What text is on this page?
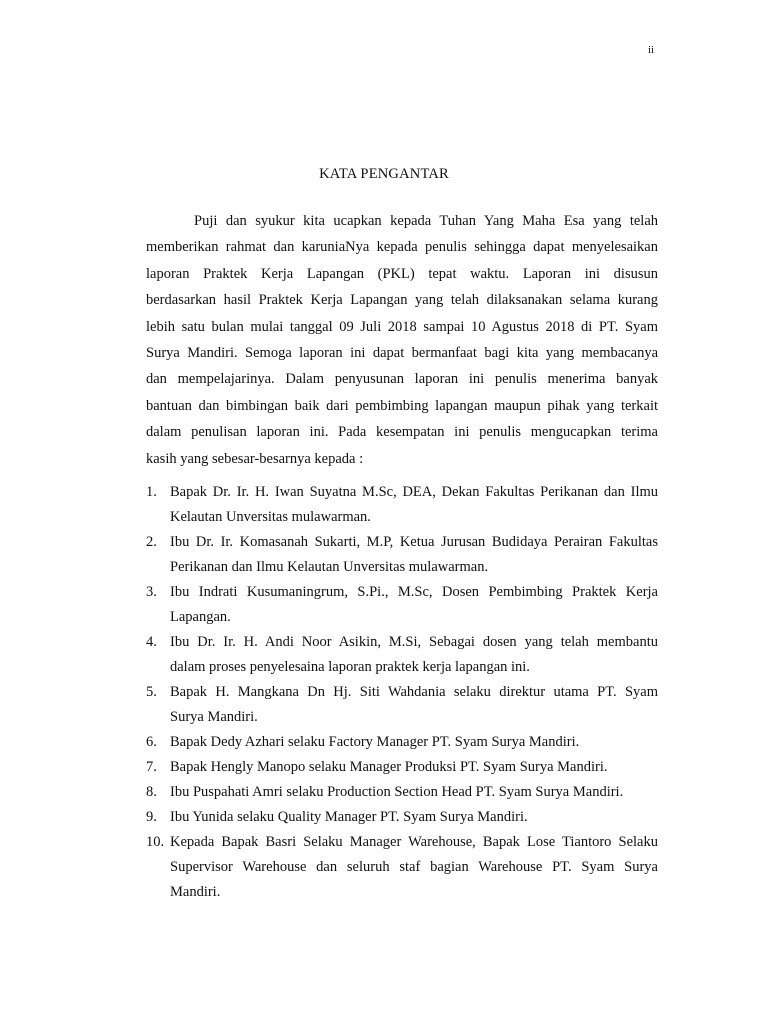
ii
KATA PENGANTAR
Puji dan syukur kita ucapkan kepada Tuhan Yang Maha Esa yang telah
memberikan rahmat dan karuniaNya kepada penulis sehingga dapat menyelesaikan
laporan Praktek Kerja Lapangan (PKL) tepat waktu. Laporan ini disusun
berdasarkan hasil Praktek Kerja Lapangan yang telah dilaksanakan selama kurang
lebih satu bulan mulai tanggal 09 Juli 2018 sampai 10 Agustus 2018 di PT. Syam
Surya Mandiri. Semoga laporan ini dapat bermanfaat bagi kita yang membacanya
dan mempelajarinya. Dalam penyusunan laporan ini penulis menerima banyak
bantuan dan bimbingan baik dari pembimbing lapangan maupun pihak yang terkait
dalam penulisan laporan ini. Pada kesempatan ini penulis mengucapkan terima
kasih yang sebesar-besarnya kepada :
1. Bapak Dr. Ir. H. Iwan Suyatna M.Sc, DEA, Dekan Fakultas Perikanan dan Ilmu
Kelautan Unversitas mulawarman.
2. Ibu Dr. Ir. Komasanah Sukarti, M.P, Ketua Jurusan Budidaya Perairan Fakultas
Perikanan dan Ilmu Kelautan Unversitas mulawarman.
3. Ibu Indrati Kusumaningrum, S.Pi., M.Sc, Dosen Pembimbing Praktek Kerja
Lapangan.
4. Ibu Dr. Ir. H. Andi Noor Asikin, M.Si, Sebagai dosen yang telah membantu
dalam proses penyelesaina laporan praktek kerja lapangan ini.
5. Bapak H. Mangkana Dn Hj. Siti Wahdania selaku direktur utama PT. Syam
Surya Mandiri.
6. Bapak Dedy Azhari selaku Factory Manager PT. Syam Surya Mandiri.
7. Bapak Hengly Manopo selaku Manager Produksi PT. Syam Surya Mandiri.
8. Ibu Puspahati Amri selaku Production Section Head PT. Syam Surya Mandiri.
9. Ibu Yunida selaku Quality Manager PT. Syam Surya Mandiri.
10. Kepada Bapak Basri Selaku Manager Warehouse, Bapak Lose Tiantoro Selaku
Supervisor Warehouse dan seluruh staf bagian Warehouse PT. Syam Surya
Mandiri.
